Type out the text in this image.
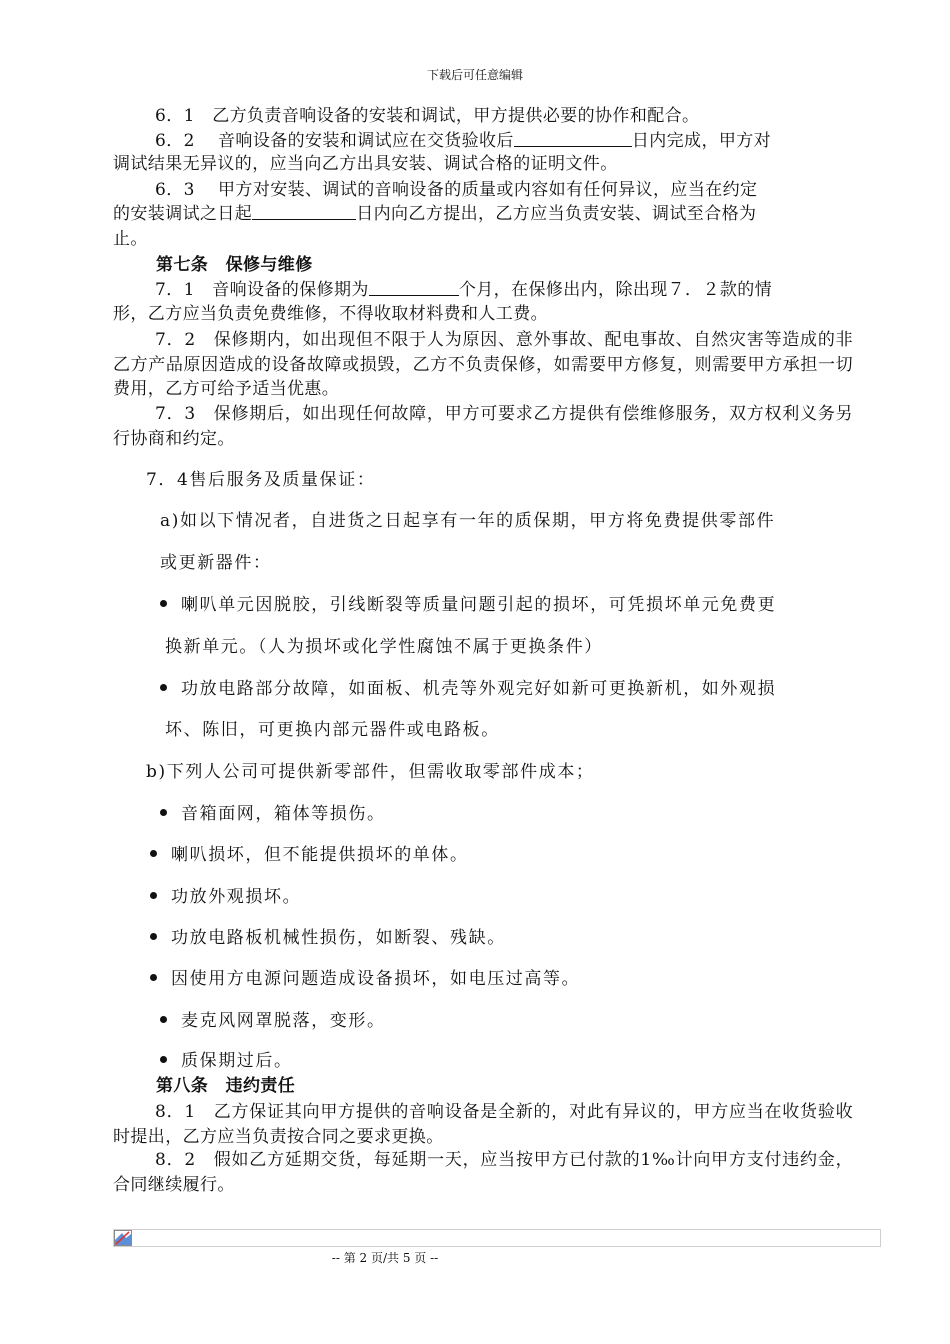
下载后可任意编辑
6．1　乙方负责音响设备的安装和调试，甲方提供必要的协作和配合。
6．2　 音响设备的安装和调试应在交货验收后	日内完成，甲方对
调试结果无异议的，应当向乙方出具安装、调试合格的证明文件。
6．3　 甲方对安装、调试的音响设备的质量或内容如有任何异议，应当在约定
的安装调试之日起	日内向乙方提出，乙方应当负责安装、调试至合格为
止。
第七条　保修与维修
7．1　音响设备的保修期为	个月，在保修出内，除出现７．２款的情
形，乙方应当负责免费维修，不得收取材料费和人工费。
7．2　保修期内，如出现但不限于人为原因、意外事故、配电事故、自然灾害等造成的非乙方产品原因造成的设备故障或损毁，乙方不负责保修，如需要甲方修复，则需要甲方承担一切费用，乙方可给予适当优惠。
7．3　保修期后，如出现任何故障，甲方可要求乙方提供有偿维修服务，双方权利义务另行协商和约定。
7．4售后服务及质量保证：
a)如以下情况者，自进货之日起享有一年的质保期，甲方将免费提供零部件
或更新器件：
喇叭单元因脱胶，引线断裂等质量问题引起的损坏，可凭损坏单元免费更
换新单元。（人为损坏或化学性腐蚀不属于更换条件）
功放电路部分故障，如面板、机壳等外观完好如新可更换新机，如外观损
坏、陈旧，可更换内部元器件或电路板。
b)下列人公司可提供新零部件，但需收取零部件成本；
音箱面网，箱体等损伤。
喇叭损坏，但不能提供损坏的单体。
功放外观损坏。
功放电路板机械性损伤，如断裂、残缺。
因使用方电源问题造成设备损坏，如电压过高等。
麦克风网罩脱落，变形。
质保期过后。
第八条　违约责任
8．1　乙方保证其向甲方提供的音响设备是全新的，对此有异议的，甲方应当在收货验收时提出，乙方应当负责按合同之要求更换。
8．2　假如乙方延期交货，每延期一天，应当按甲方已付款的1‰计向甲方支付违约金，合同继续履行。
-- 第 2 页/共 5 页 --
